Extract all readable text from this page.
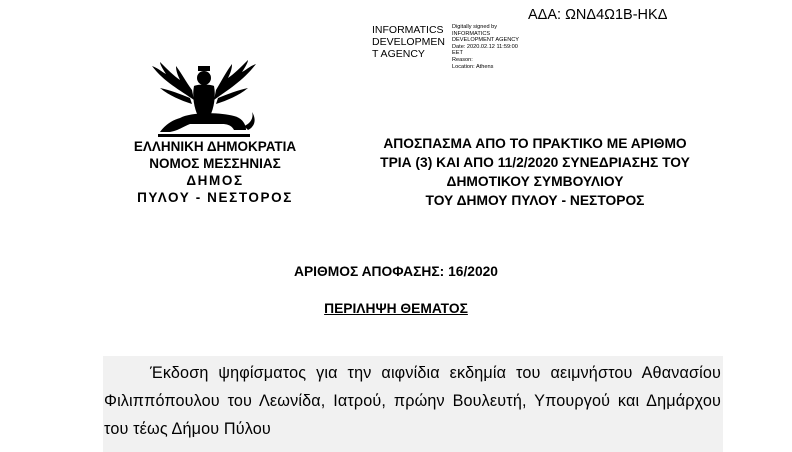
ΑΔΑ: ΩΝΔ4Ω1Β-ΗΚΔ
INFORMATICS
DEVELOPMEN
T AGENCY
Digitally signed by
INFORMATICS
DEVELOPMENT AGENCY
Date: 2020.02.12 11:59:00
EET
Reason:
Location: Athens
ΕΛΛΗΝΙΚΗ ΔΗΜΟΚΡΑΤΙΑ
ΝΟΜΟΣ ΜΕΣΣΗΝΙΑΣ
ΔΗΜΟΣ
ΠΥΛΟΥ - ΝΕΣΤΟΡΟΣ
ΑΠΟΣΠΑΣΜΑ ΑΠΟ ΤΟ ΠΡΑΚΤΙΚΟ ΜΕ ΑΡΙΘΜΟ
ΤΡΙΑ (3) ΚΑΙ ΑΠΟ 11/2/2020 ΣΥΝΕΔΡΙΑΣΗΣ ΤΟΥ
ΔΗΜΟΤΙΚΟΥ ΣΥΜΒΟΥΛΙΟΥ
ΤΟΥ ΔΗΜΟΥ ΠΥΛΟΥ - ΝΕΣΤΟΡΟΣ
ΑΡΙΘΜΟΣ ΑΠΟΦΑΣΗΣ: 16/2020
ΠΕΡΙΛΗΨΗ ΘΕΜΑΤΟΣ
Έκδοση ψηφίσματος για την αιφνίδια εκδημία του αειμνήστου Αθανασίου Φιλιππόπουλου του Λεωνίδα, Ιατρού, πρώην Βουλευτή, Υπουργού και Δημάρχου του τέως Δήμου Πύλου
